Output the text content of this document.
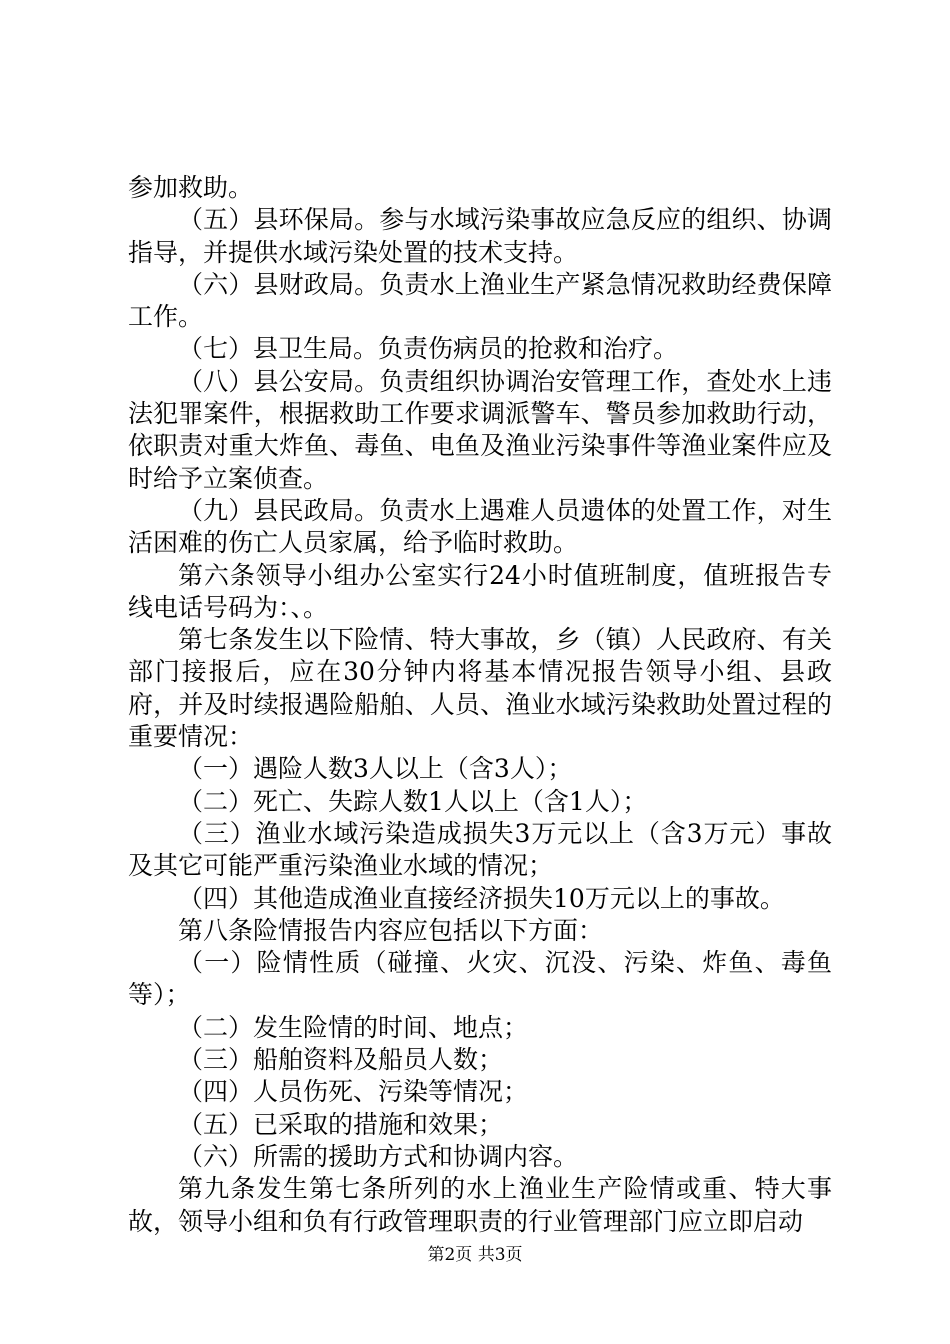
参加救助。

（五）县环保局。参与水域污染事故应急反应的组织、协调指导，并提供水域污染处置的技术支持。

（六）县财政局。负责水上渔业生产紧急情况救助经费保障工作。

（七）县卫生局。负责伤病员的抢救和治疗。

（八）县公安局。负责组织协调治安管理工作，查处水上违法犯罪案件，根据救助工作要求调派警车、警员参加救助行动，依职责对重大炸鱼、毒鱼、电鱼及渔业污染事件等渔业案件应及时给予立案侦查。

（九）县民政局。负责水上遇难人员遗体的处置工作，对生活困难的伤亡人员家属，给予临时救助。

第六条领导小组办公室实行24小时值班制度，值班报告专线电话号码为：、。

第七条发生以下险情、特大事故，乡（镇）人民政府、有关部门接报后，应在30分钟内将基本情况报告领导小组、县政府，并及时续报遇险船舶、人员、渔业水域污染救助处置过程的重要情况：

（一）遇险人数3人以上（含3人）；

（二）死亡、失踪人数1人以上（含1人）；

（三）渔业水域污染造成损失3万元以上（含3万元）事故及其它可能严重污染渔业水域的情况；

（四）其他造成渔业直接经济损失10万元以上的事故。

第八条险情报告内容应包括以下方面：

（一）险情性质（碰撞、火灾、沉没、污染、炸鱼、毒鱼等）；

（二）发生险情的时间、地点；

（三）船舶资料及船员人数；

（四）人员伤死、污染等情况；

（五）已采取的措施和效果；

（六）所需的援助方式和协调内容。

第九条发生第七条所列的水上渔业生产险情或重、特大事故，领导小组和负有行政管理职责的行业管理部门应立即启动

第2页 共3页
